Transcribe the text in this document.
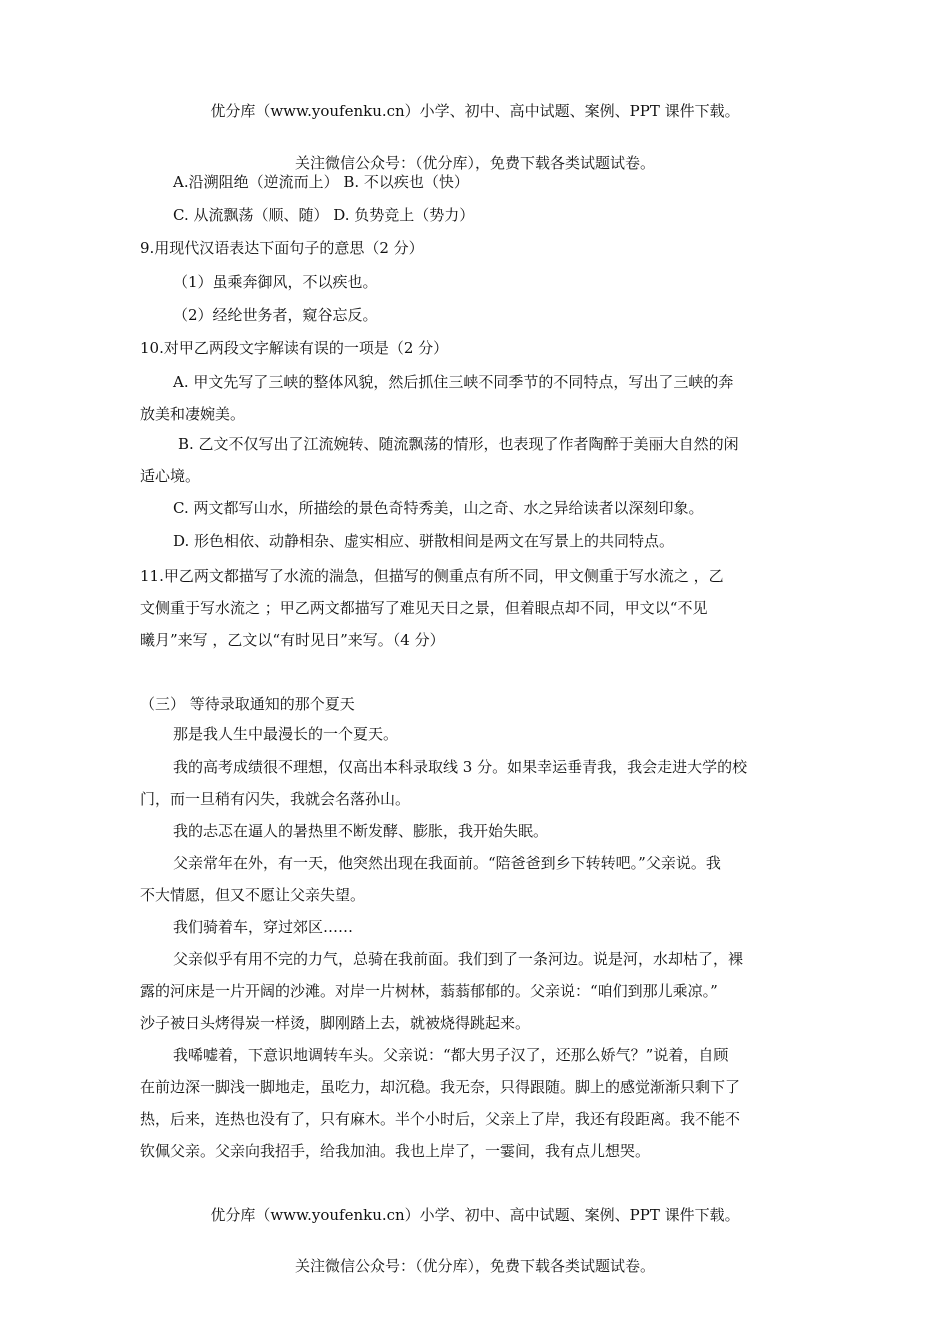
优分库（www.youfenku.cn）小学、初中、高中试题、案例、PPT 课件下载。
关注微信公众号：（优分库），免费下载各类试题试卷。
A.沿溯阻绝（逆流而上） B. 不以疾也（快）
C. 从流飘荡（顺、随） D. 负势竞上（势力）
9.用现代汉语表达下面句子的意思（2 分）
（1）虽乘奔御风，不以疾也。
（2）经纶世务者，窥谷忘反。
10.对甲乙两段文字解读有误的一项是（2 分）
A. 甲文先写了三峡的整体风貌，然后抓住三峡不同季节的不同特点，写出了三峡的奔
放美和凄婉美。
B. 乙文不仅写出了江流婉转、随流飘荡的情形，也表现了作者陶醉于美丽大自然的闲
适心境。
C. 两文都写山水，所描绘的景色奇特秀美，山之奇、水之异给读者以深刻印象。
D. 形色相依、动静相杂、虚实相应、骈散相间是两文在写景上的共同特点。
11.甲乙两文都描写了水流的湍急，但描写的侧重点有所不同，甲文侧重于写水流之 ，乙
文侧重于写水流之 ；甲乙两文都描写了难见天日之景，但着眼点却不同，甲文以“不见
曦月”来写 ，乙文以“有时见日”来写。（4 分）
（三） 等待录取通知的那个夏天
那是我人生中最漫长的一个夏天。
我的高考成绩很不理想，仅高出本科录取线 3 分。如果幸运垂青我，我会走进大学的校
门，而一旦稍有闪失，我就会名落孙山。
我的忐忑在逼人的暑热里不断发酵、膨胀，我开始失眠。
父亲常年在外，有一天，他突然出现在我面前。“陪爸爸到乡下转转吧。”父亲说。我
不大情愿，但又不愿让父亲失望。
我们骑着车，穿过郊区……
父亲似乎有用不完的力气，总骑在我前面。我们到了一条河边。说是河，水却枯了，裸
露的河床是一片开阔的沙滩。对岸一片树林，蓊蓊郁郁的。父亲说：“咱们到那儿乘凉。”
沙子被日头烤得炭一样烫，脚刚踏上去，就被烧得跳起来。
我唏嘘着，下意识地调转车头。父亲说：“都大男子汉了，还那么娇气？”说着，自顾
在前边深一脚浅一脚地走，虽吃力，却沉稳。我无奈，只得跟随。脚上的感觉渐渐只剩下了
热，后来，连热也没有了，只有麻木。半个小时后，父亲上了岸，我还有段距离。我不能不
钦佩父亲。父亲向我招手，给我加油。我也上岸了，一霎间，我有点儿想哭。
优分库（www.youfenku.cn）小学、初中、高中试题、案例、PPT 课件下载。
关注微信公众号：（优分库），免费下载各类试题试卷。
